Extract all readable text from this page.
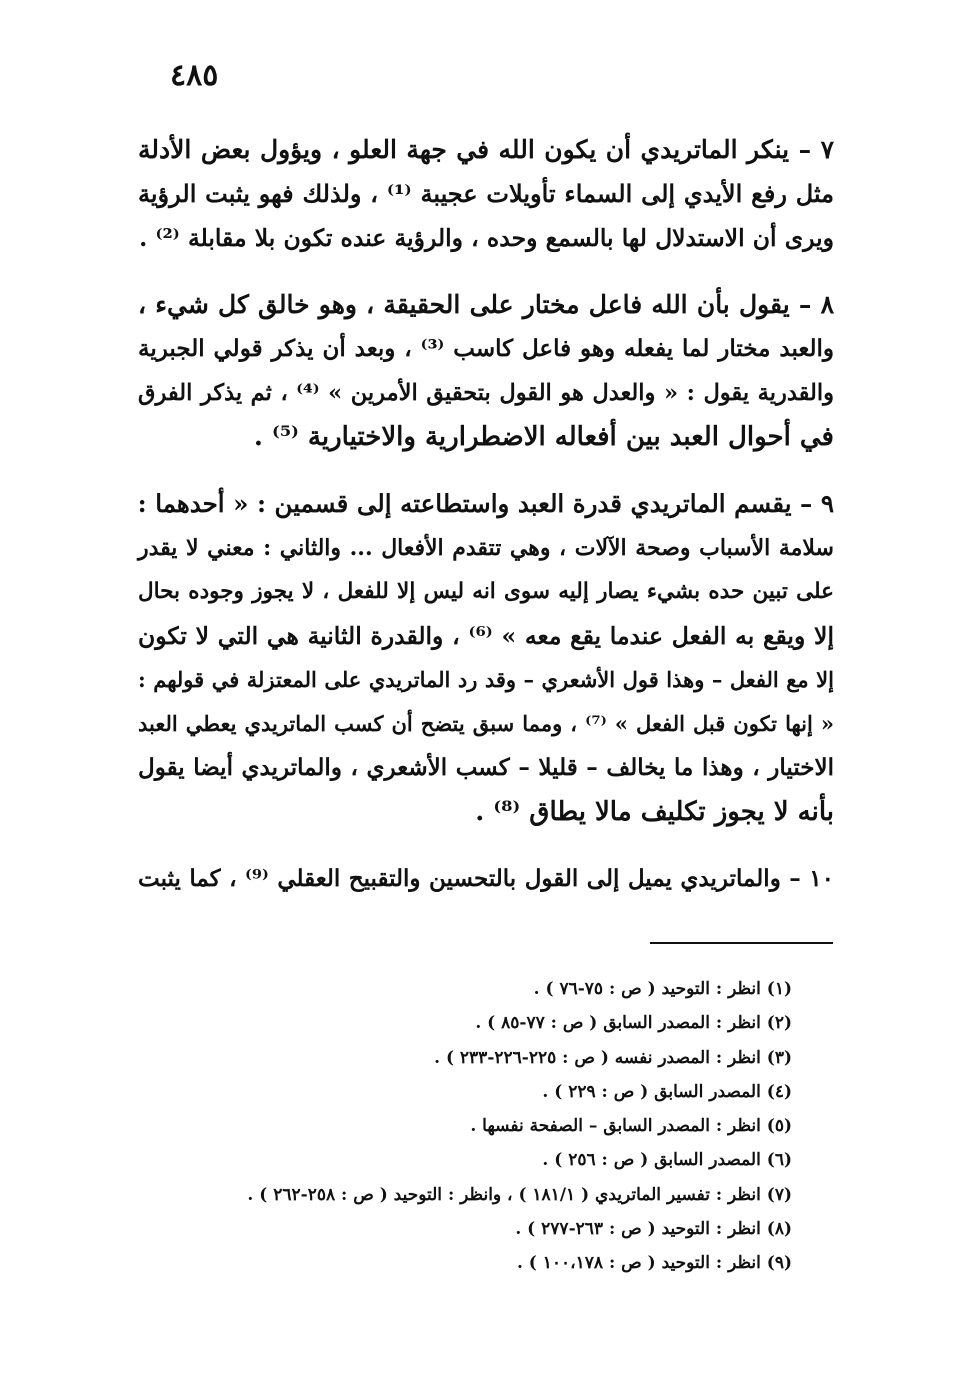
٤٨٥
٧ – ينكر الماتريدي أن يكون الله في جهة العلو ، ويؤول بعض الأدلة
مثل رفع الأيدي إلى السماء تأويلات عجيبة ⁽¹⁾ ، ولذلك فهو يثبت الرؤية
ويرى أن الاستدلال لها بالسمع وحده ، والرؤية عنده تكون بلا مقابلة ⁽²⁾ .
٨ – يقول بأن الله فاعل مختار على الحقيقة ، وهو خالق كل شيء ،
والعبد مختار لما يفعله وهو فاعل كاسب ⁽³⁾ ، وبعد أن يذكر قولي الجبرية
والقدرية يقول : « والعدل هو القول بتحقيق الأمرين » ⁽⁴⁾ ، ثم يذكر الفرق
في أحوال العبد بين أفعاله الاضطرارية والاختيارية ⁽⁵⁾ .
٩ – يقسم الماتريدي قدرة العبد واستطاعته إلى قسمين : « أحدهما :
سلامة الأسباب وصحة الآلات ، وهي تتقدم الأفعال ... والثاني : معني لا يقدر
على تبين حده بشيء يصار إليه سوى انه ليس إلا للفعل ، لا يجوز وجوده بحال
إلا ويقع به الفعل عندما يقع معه » ⁽⁶⁾ ، والقدرة الثانية هي التي لا تكون
إلا مع الفعل – وهذا قول الأشعري – وقد رد الماتريدي على المعتزلة في قولهم :
« إنها تكون قبل الفعل » ⁽⁷⁾ ، ومما سبق يتضح أن كسب الماتريدي يعطي العبد
الاختيار ، وهذا ما يخالف – قليلا – كسب الأشعري ، والماتريدي أيضا يقول
بأنه لا يجوز تكليف مالا يطاق ⁽⁸⁾ .
١٠ – والماتريدي يميل إلى القول بالتحسين والتقبيح العقلي ⁽⁹⁾ ، كما يثبت
(١) انظر : التوحيد ( ص : ٧٥-٧٦ ) .
(٢) انظر : المصدر السابق ( ص : ٧٧-٨٥ ) .
(٣) انظر : المصدر نفسه ( ص : ٢٢٥-٢٢٦-٢٣٣ ) .
(٤) المصدر السابق ( ص : ٢٢٩ ) .
(٥) انظر : المصدر السابق – الصفحة نفسها .
(٦) المصدر السابق ( ص : ٢٥٦ ) .
(٧) انظر : تفسير الماتريدي ( ١٨١/١ ) ، وانظر : التوحيد ( ص : ٢٥٨-٢٦٢ ) .
(٨) انظر : التوحيد ( ص : ٢٦٣-٢٧٧ ) .
(٩) انظر : التوحيد ( ص : ١٠٠،١٧٨ ) .
